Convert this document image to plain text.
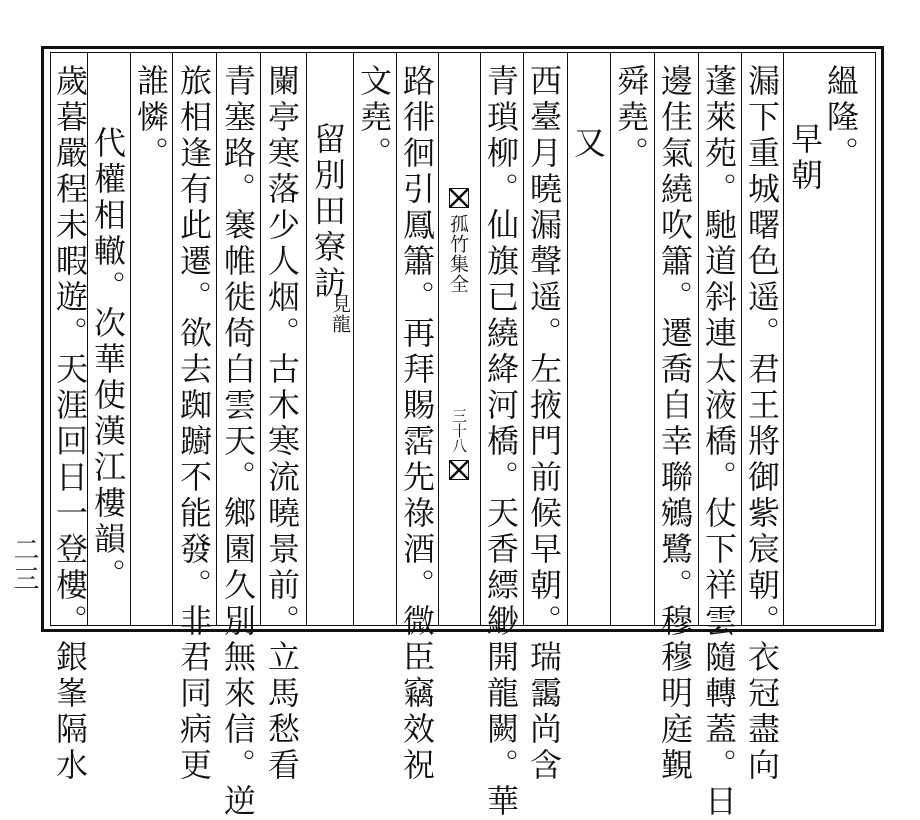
縕隆。
早朝
漏下重城曙色遥。君王將御紫宸朝。衣冠盡向
蓬萊苑。馳道斜連太液橋。仗下祥雲隨轉蓋。日
邊佳氣繞吹簫。遷喬自幸聯鵷鷺。穆穆明庭覲
舜堯。
又
西臺月曉漏聲遥。左掖門前候早朝。瑞靄尚含
青瑣柳。仙旗已繞絳河橋。天香縹緲開龍闕。華
孤竹集全
三十八
路徘徊引鳳簫。再拜賜霑先祿酒。微臣竊效祝
文堯。
留別田寮訪
見龍
闌亭寒落少人烟。古木寒流曉景前。立馬愁看
青塞路。褰帷徙倚白雲天。鄉園久別無來信。逆
旅相逢有此遷。欲去踟躕不能發。非君同病更
誰憐。
代權相轍。次華使漢江樓韻。
歲暮嚴程未暇遊。天涯回日一登樓。銀峯隔水
二三
